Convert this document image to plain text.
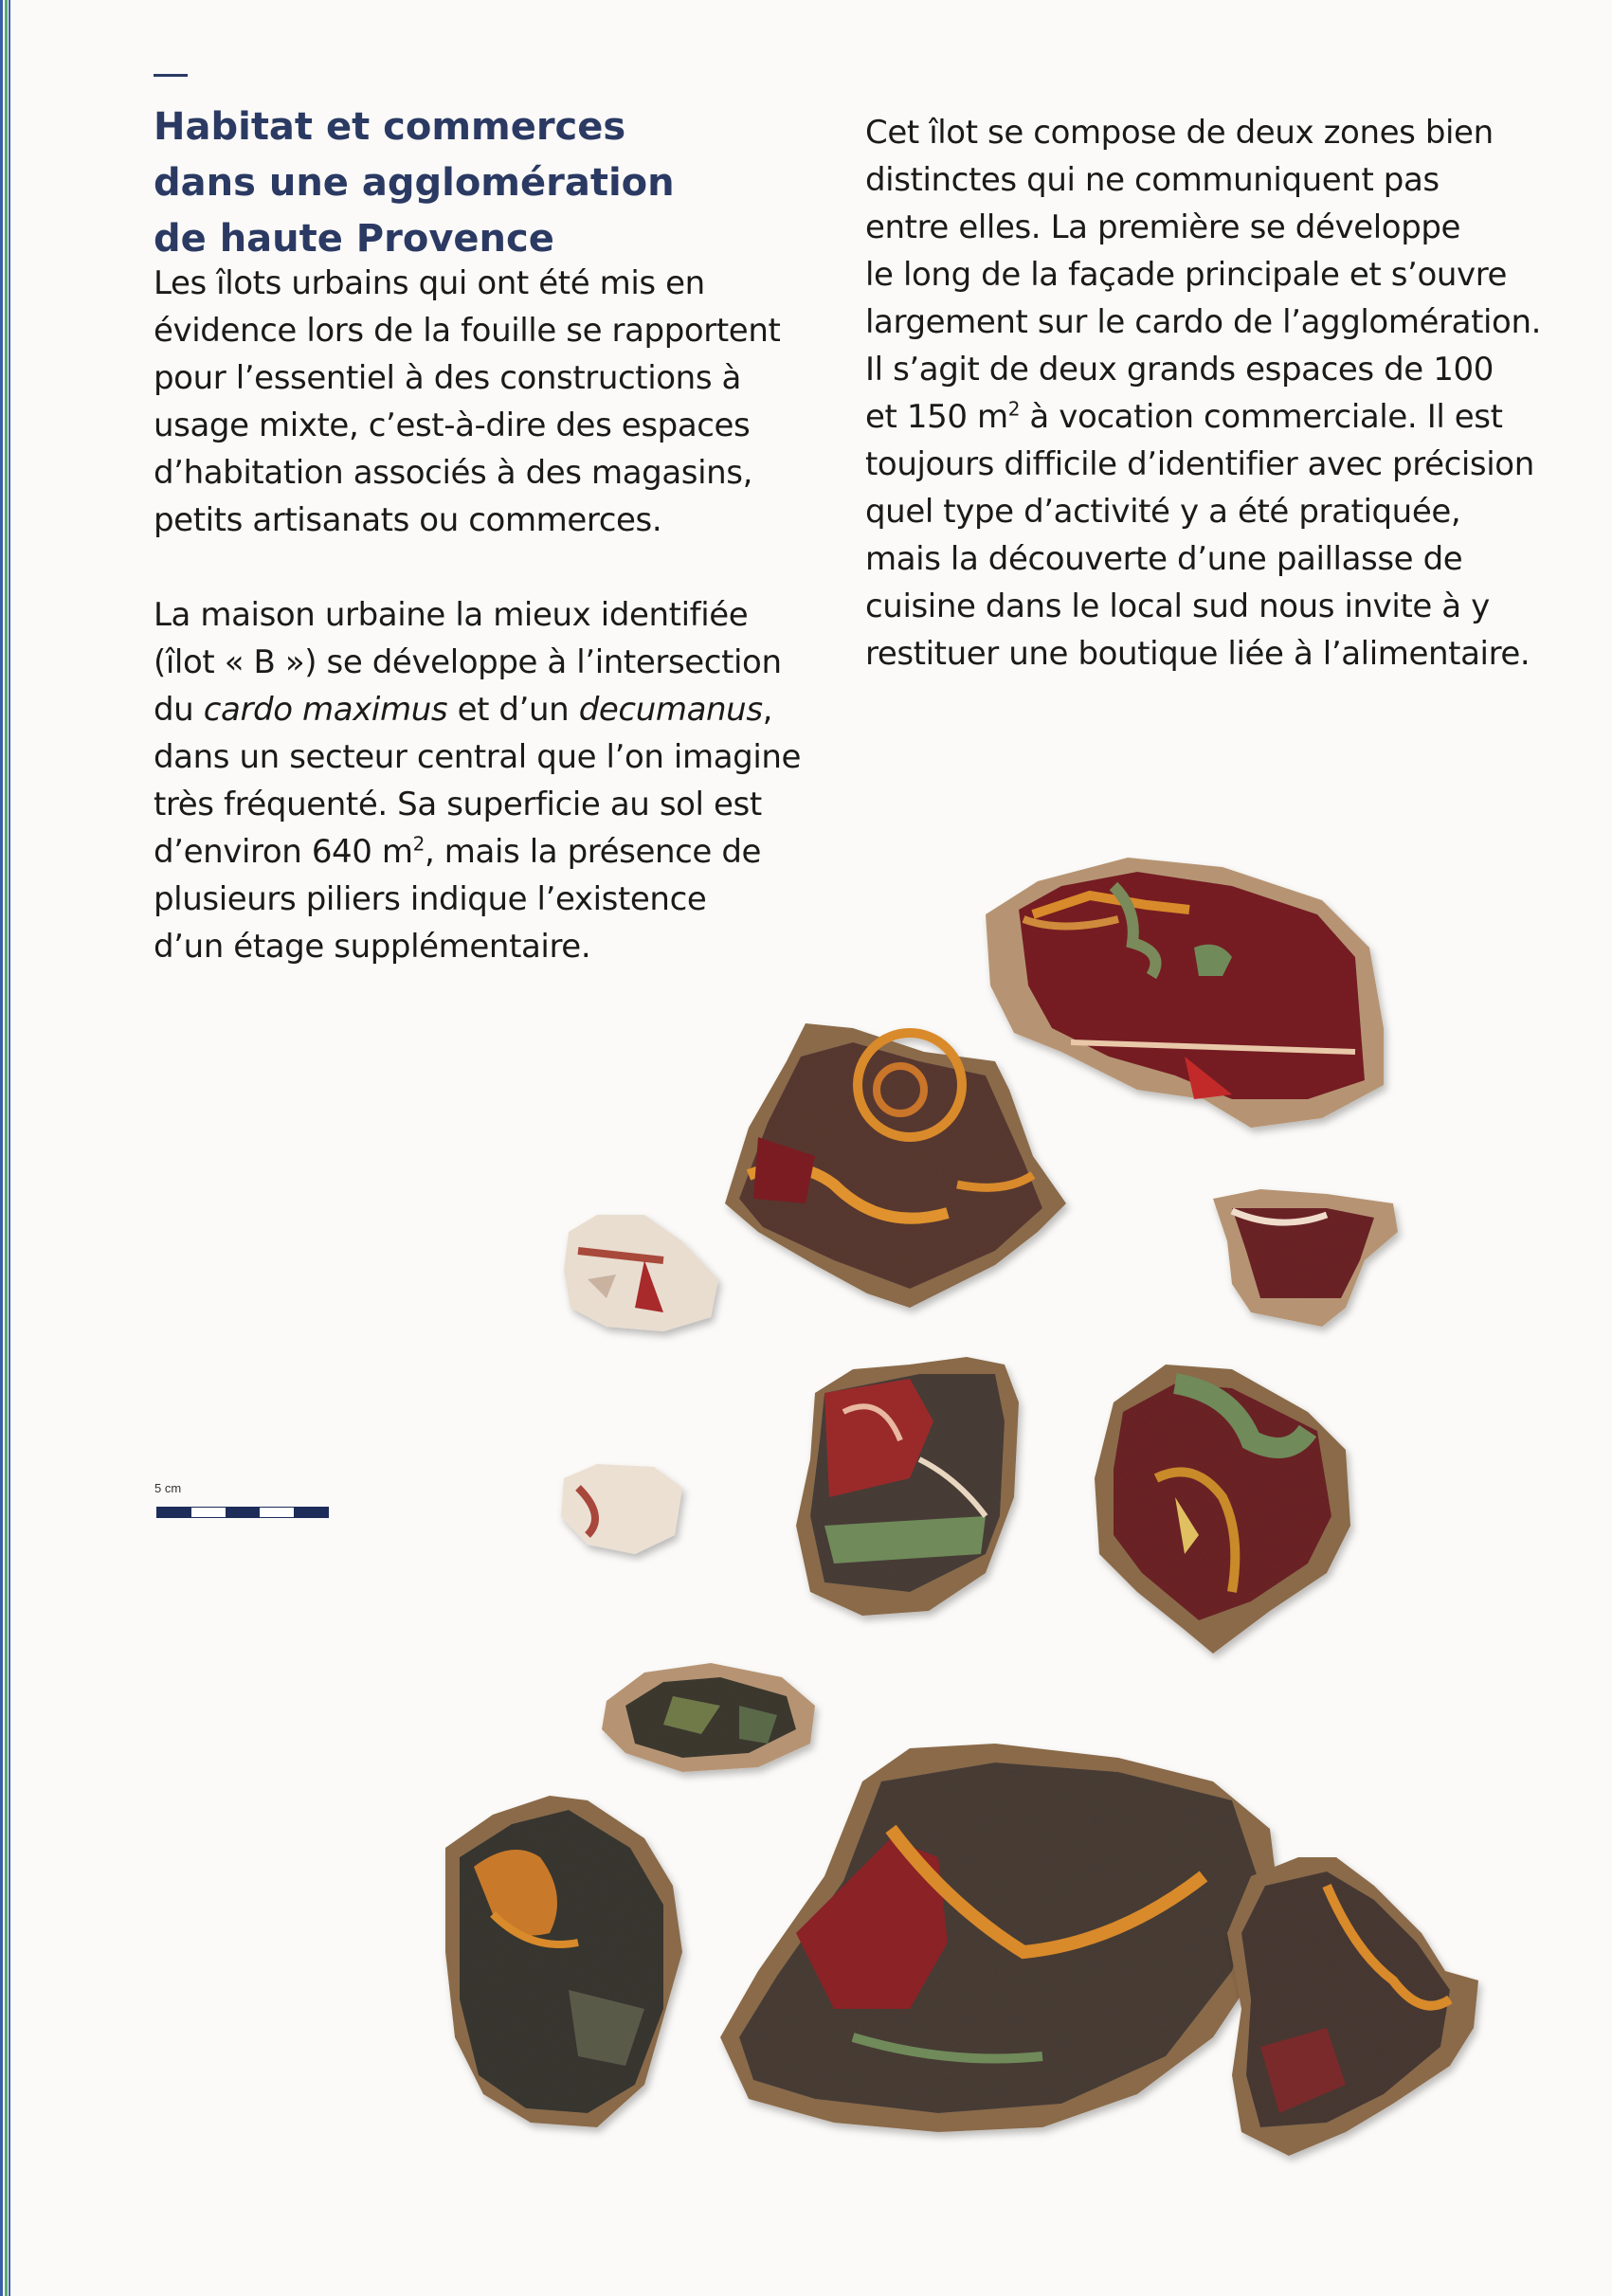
Habitat et commerces
dans une agglomération
de haute Provence
Les îlots urbains qui ont été mis en
évidence lors de la fouille se rapportent
pour l’essentiel à des constructions à
usage mixte, c’est-à-dire des espaces
d’habitation associés à des magasins,
petits artisanats ou commerces.
La maison urbaine la mieux identifiée
(îlot « B ») se développe à l’intersection
du cardo maximus et d’un decumanus,
dans un secteur central que l’on imagine
très fréquenté. Sa superficie au sol est
d’environ 640 $m^2$, mais la présence de
plusieurs piliers indique l’existence
d’un étage supplémentaire.
Cet îlot se compose de deux zones bien
distinctes qui ne communiquent pas
entre elles. La première se développe
le long de la façade principale et s’ouvre
largement sur le cardo de l’agglomération.
Il s’agit de deux grands espaces de 100
et 150 $m^2$ à vocation commerciale. Il est
toujours difficile d’identifier avec précision
quel type d’activité y a été pratiquée,
mais la découverte d’une paillasse de
cuisine dans le local sud nous invite à y
restituer une boutique liée à l’alimentaire.
5 cm
